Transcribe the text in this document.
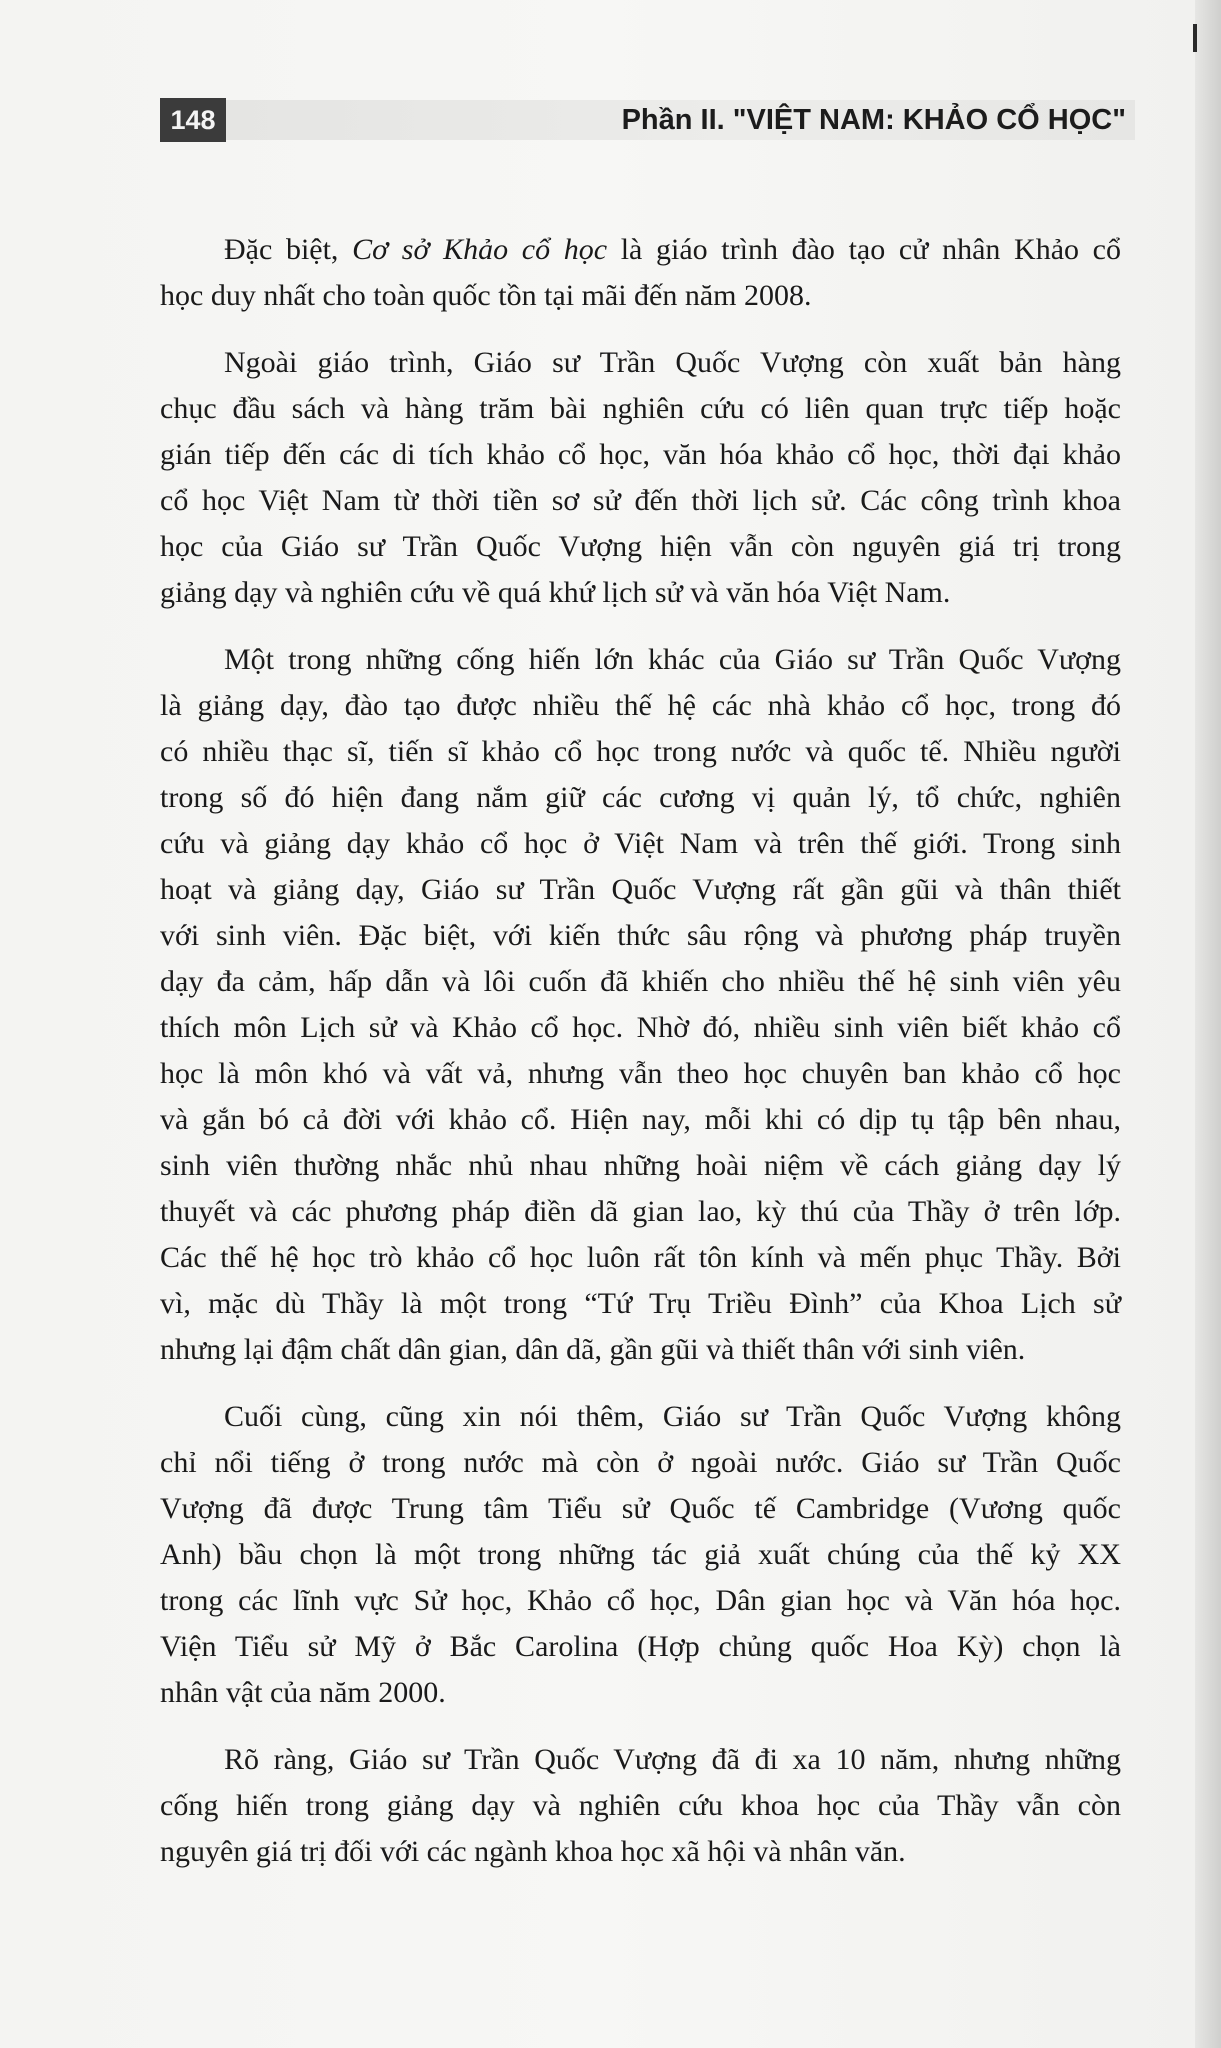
148	Phần II. "VIỆT NAM: KHẢO CỔ HỌC"
Đặc biệt, Cơ sở Khảo cổ học là giáo trình đào tạo cử nhân Khảo cổ
học duy nhất cho toàn quốc tồn tại mãi đến năm 2008.
Ngoài giáo trình, Giáo sư Trần Quốc Vượng còn xuất bản hàng
chục đầu sách và hàng trăm bài nghiên cứu có liên quan trực tiếp hoặc
gián tiếp đến các di tích khảo cổ học, văn hóa khảo cổ học, thời đại khảo
cổ học Việt Nam từ thời tiền sơ sử đến thời lịch sử. Các công trình khoa
học của Giáo sư Trần Quốc Vượng hiện vẫn còn nguyên giá trị trong
giảng dạy và nghiên cứu về quá khứ lịch sử và văn hóa Việt Nam.
Một trong những cống hiến lớn khác của Giáo sư Trần Quốc Vượng
là giảng dạy, đào tạo được nhiều thế hệ các nhà khảo cổ học, trong đó
có nhiều thạc sĩ, tiến sĩ khảo cổ học trong nước và quốc tế. Nhiều người
trong số đó hiện đang nắm giữ các cương vị quản lý, tổ chức, nghiên
cứu và giảng dạy khảo cổ học ở Việt Nam và trên thế giới. Trong sinh
hoạt và giảng dạy, Giáo sư Trần Quốc Vượng rất gần gũi và thân thiết
với sinh viên. Đặc biệt, với kiến thức sâu rộng và phương pháp truyền
dạy đa cảm, hấp dẫn và lôi cuốn đã khiến cho nhiều thế hệ sinh viên yêu
thích môn Lịch sử và Khảo cổ học. Nhờ đó, nhiều sinh viên biết khảo cổ
học là môn khó và vất vả, nhưng vẫn theo học chuyên ban khảo cổ học
và gắn bó cả đời với khảo cổ. Hiện nay, mỗi khi có dịp tụ tập bên nhau,
sinh viên thường nhắc nhủ nhau những hoài niệm về cách giảng dạy lý
thuyết và các phương pháp điền dã gian lao, kỳ thú của Thầy ở trên lớp.
Các thế hệ học trò khảo cổ học luôn rất tôn kính và mến phục Thầy. Bởi
vì, mặc dù Thầy là một trong “Tứ Trụ Triều Đình” của Khoa Lịch sử
nhưng lại đậm chất dân gian, dân dã, gần gũi và thiết thân với sinh viên.
Cuối cùng, cũng xin nói thêm, Giáo sư Trần Quốc Vượng không
chỉ nổi tiếng ở trong nước mà còn ở ngoài nước. Giáo sư Trần Quốc
Vượng đã được Trung tâm Tiểu sử Quốc tế Cambridge (Vương quốc
Anh) bầu chọn là một trong những tác giả xuất chúng của thế kỷ XX
trong các lĩnh vực Sử học, Khảo cổ học, Dân gian học và Văn hóa học.
Viện Tiểu sử Mỹ ở Bắc Carolina (Hợp chủng quốc Hoa Kỳ) chọn là
nhân vật của năm 2000.
Rõ ràng, Giáo sư Trần Quốc Vượng đã đi xa 10 năm, nhưng những
cống hiến trong giảng dạy và nghiên cứu khoa học của Thầy vẫn còn
nguyên giá trị đối với các ngành khoa học xã hội và nhân văn.
